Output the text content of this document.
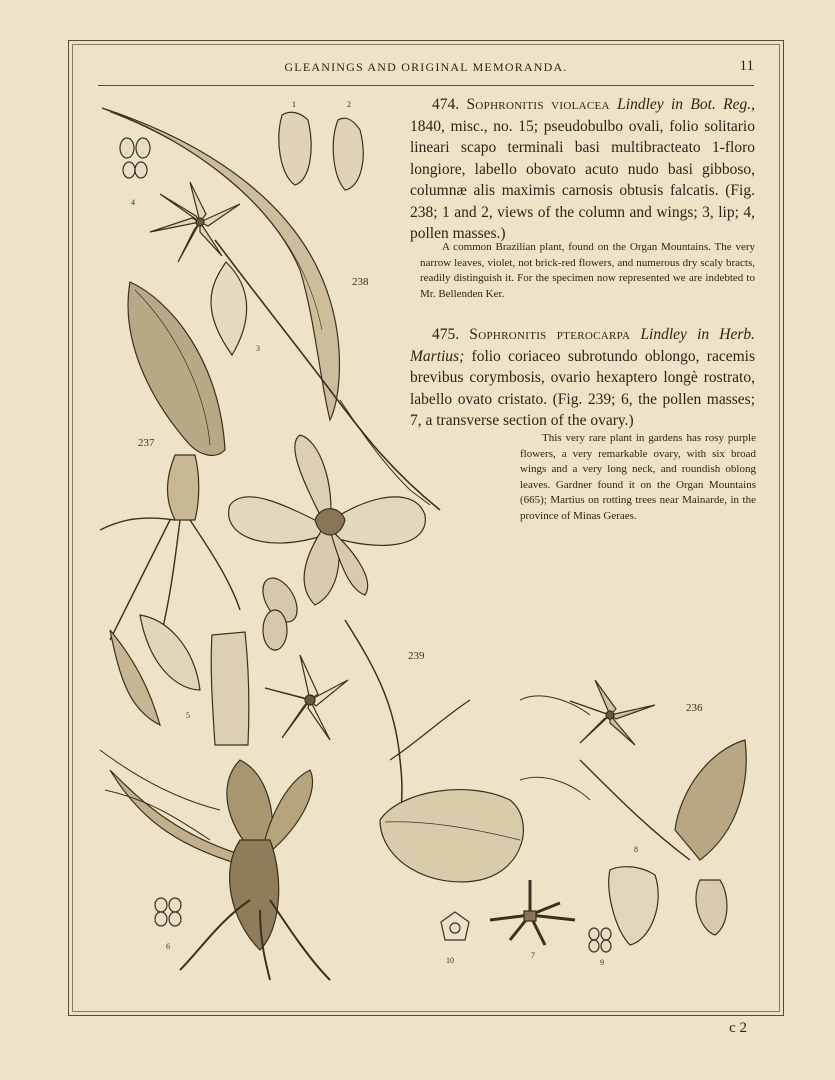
GLEANINGS AND ORIGINAL MEMORANDA.	11
238
237
239
236
1	2
3
4
5
6
7
8
9
10
474. Sophronitis violacea Lindley in Bot. Reg., 1840, misc., no. 15; pseudobulbo ovali, folio solitario lineari scapo terminali basi multibracteato 1-floro longiore, labello obovato acuto nudo basi gibboso, columnæ alis maximis carnosis obtusis falcatis. (Fig. 238; 1 and 2, views of the column and wings; 3, lip; 4, pollen masses.)
A common Brazilian plant, found on the Organ Mountains. The very narrow leaves, violet, not brick-red flowers, and numerous dry scaly bracts, readily distinguish it. For the specimen now represented we are indebted to Mr. Bellenden Ker.
475. Sophronitis pterocarpa Lindley in Herb. Martius; folio coriaceo subrotundo oblongo, racemis brevibus corymbosis, ovario hexaptero longè rostrato, labello ovato cristato. (Fig. 239; 6, the pollen masses; 7, a transverse section of the ovary.)
This very rare plant in gardens has rosy purple flowers, a very remarkable ovary, with six broad wings and a very long neck, and roundish oblong leaves. Gardner found it on the Organ Mountains (665); Martius on rotting trees near Mainarde, in the province of Minas Geraes.
c 2
